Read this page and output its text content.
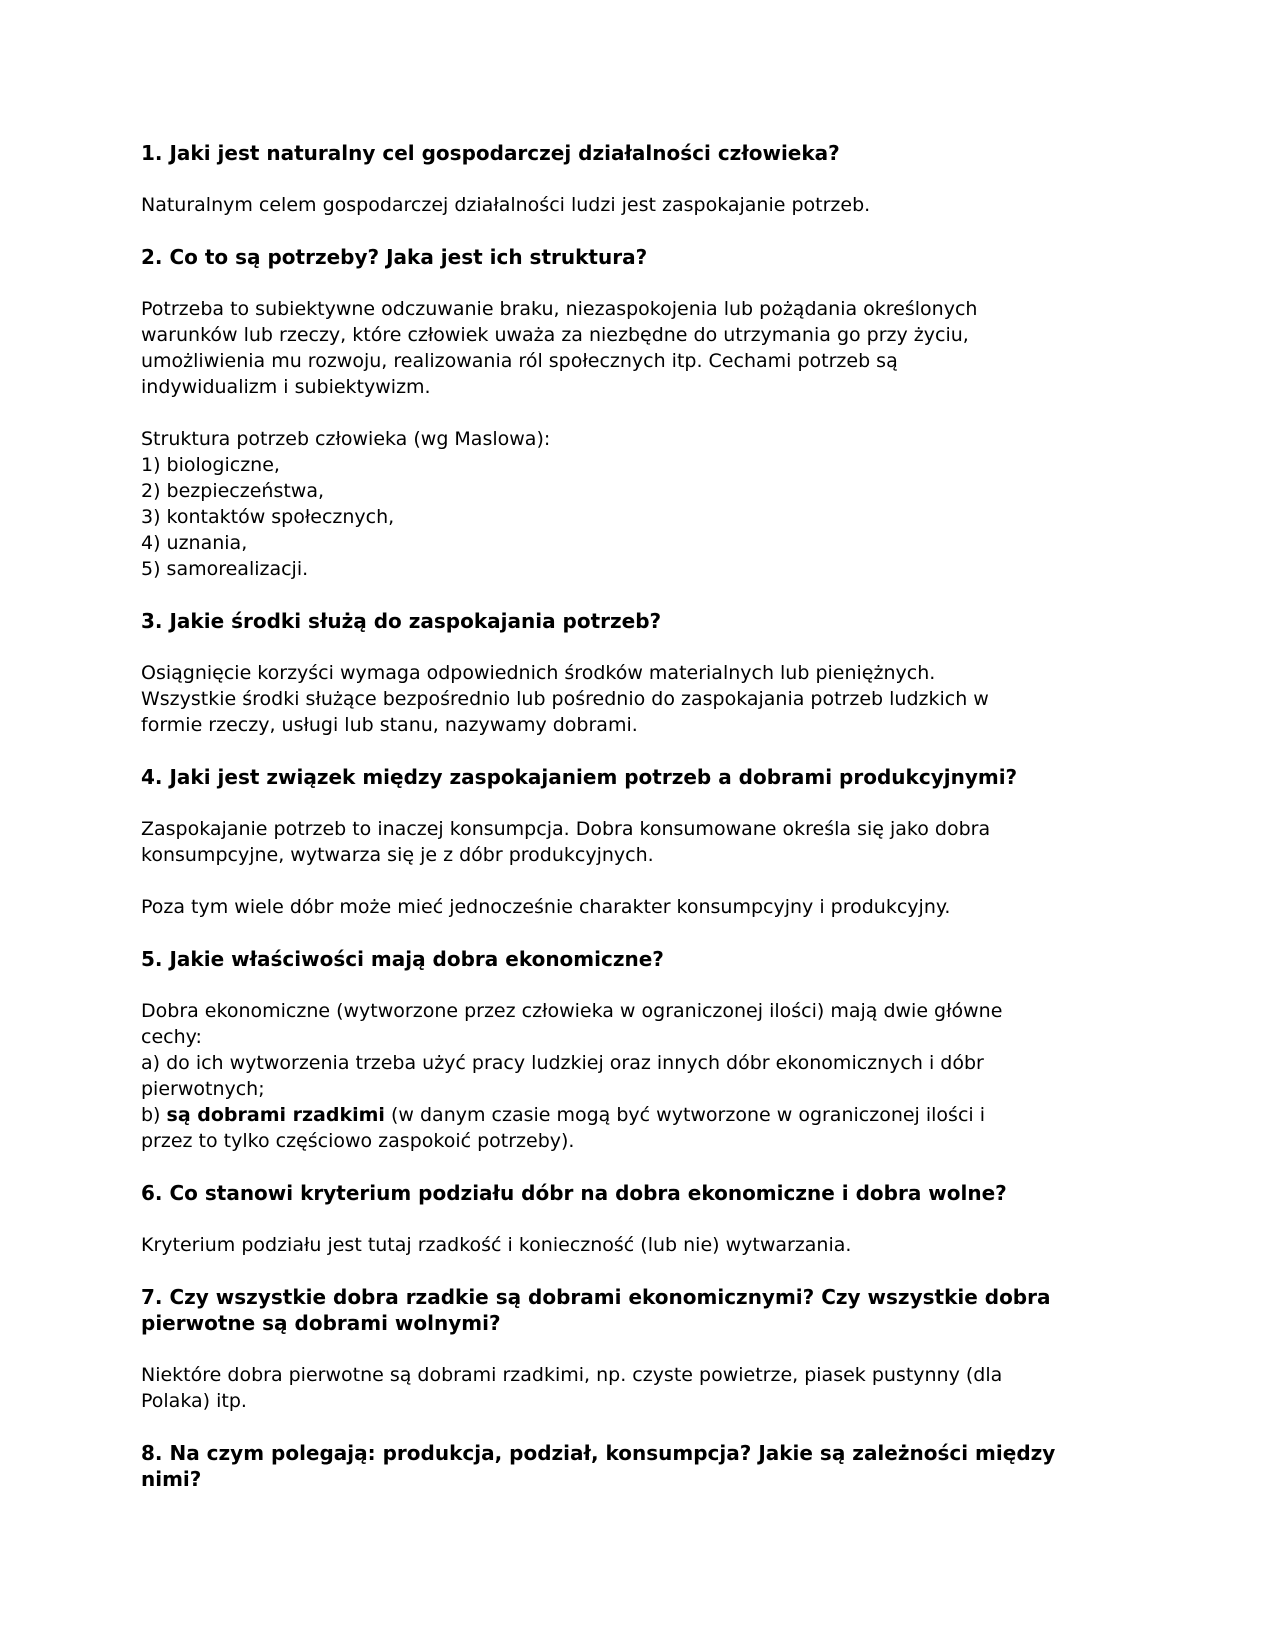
1. Jaki jest naturalny cel gospodarczej działalności człowieka?
Naturalnym celem gospodarczej działalności ludzi jest zaspokajanie potrzeb.
2. Co to są potrzeby? Jaka jest ich struktura?
Potrzeba to subiektywne odczuwanie braku, niezaspokojenia lub pożądania określonych
warunków lub rzeczy, które człowiek uważa za niezbędne do utrzymania go przy życiu,
umożliwienia mu rozwoju, realizowania ról społecznych itp. Cechami potrzeb są
indywidualizm i subiektywizm.
Struktura potrzeb człowieka (wg Maslowa):
1) biologiczne,
2) bezpieczeństwa,
3) kontaktów społecznych,
4) uznania,
5) samorealizacji.
3. Jakie środki służą do zaspokajania potrzeb?
Osiągnięcie korzyści wymaga odpowiednich środków materialnych lub pieniężnych.
Wszystkie środki służące bezpośrednio lub pośrednio do zaspokajania potrzeb ludzkich w
formie rzeczy, usługi lub stanu, nazywamy dobrami.
4. Jaki jest związek między zaspokajaniem potrzeb a dobrami produkcyjnymi?
Zaspokajanie potrzeb to inaczej konsumpcja. Dobra konsumowane określa się jako dobra
konsumpcyjne, wytwarza się je z dóbr produkcyjnych.
Poza tym wiele dóbr może mieć jednocześnie charakter konsumpcyjny i produkcyjny.
5. Jakie właściwości mają dobra ekonomiczne?
Dobra ekonomiczne (wytworzone przez człowieka w ograniczonej ilości) mają dwie główne
cechy:
a) do ich wytworzenia trzeba użyć pracy ludzkiej oraz innych dóbr ekonomicznych i dóbr
pierwotnych;
b) są dobrami rzadkimi (w danym czasie mogą być wytworzone w ograniczonej ilości i
przez to tylko częściowo zaspokoić potrzeby).
6. Co stanowi kryterium podziału dóbr na dobra ekonomiczne i dobra wolne?
Kryterium podziału jest tutaj rzadkość i konieczność (lub nie) wytwarzania.
7. Czy wszystkie dobra rzadkie są dobrami ekonomicznymi? Czy wszystkie dobra
pierwotne są dobrami wolnymi?
Niektóre dobra pierwotne są dobrami rzadkimi, np. czyste powietrze, piasek pustynny (dla
Polaka) itp.
8. Na czym polegają: produkcja, podział, konsumpcja? Jakie są zależności między
nimi?
